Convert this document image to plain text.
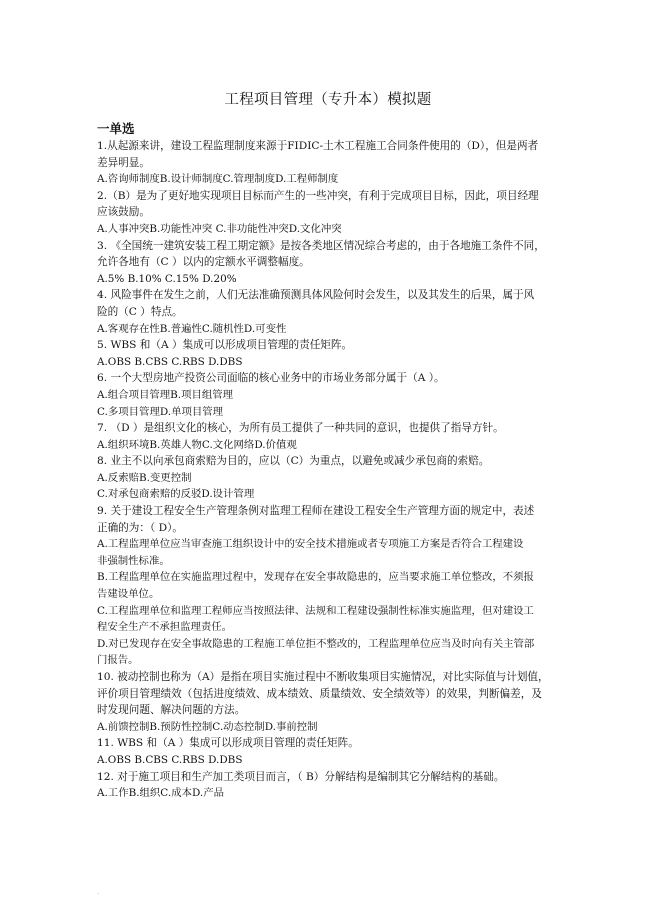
工程项目管理（专升本）模拟题
一单选
1.从起源来讲，建设工程监理制度来源于FIDIC-土木工程施工合同条件使用的（D），但是两者
差异明显。
A.咨询师制度B.设计师制度C.管理制度D.工程师制度
2.（B）是为了更好地实现项目目标而产生的一些冲突，有利于完成项目目标，因此，项目经理
应该鼓励。
A.人事冲突B.功能性冲突 C.非功能性冲突D.文化冲突
3. 《全国统一建筑安装工程工期定额》是按各类地区情况综合考虑的，由于各地施工条件不同，
允许各地有（C ）以内的定额水平调整幅度。
A.5% B.10% C.15% D.20%
4. 风险事件在发生之前，人们无法准确预测具体风险何时会发生，以及其发生的后果，属于风
险的（C ）特点。
A.客观存在性B.普遍性C.随机性D.可变性
5. WBS 和（A ）集成可以形成项目管理的责任矩阵。
A.OBS B.CBS C.RBS D.DBS
6. 一个大型房地产投资公司面临的核心业务中的市场业务部分属于（A ）。
A.组合项目管理B.项目组管理
C.多项目管理D.单项目管理
7. （D ）是组织文化的核心，为所有员工提供了一种共同的意识，也提供了指导方针。
A.组织环境B.英雄人物C.文化网络D.价值观
8. 业主不以向承包商索赔为目的，应以（C）为重点，以避免或减少承包商的索赔。
A.反索赔B.变更控制
C.对承包商索赔的反驳D.设计管理
9. 关于建设工程安全生产管理条例对监理工程师在建设工程安全生产管理方面的规定中，表述
正确的为：（ D）。
A.工程监理单位应当审查施工组织设计中的安全技术措施或者专项施工方案是否符合工程建设
非强制性标准。
B.工程监理单位在实施监理过程中，发现存在安全事故隐患的，应当要求施工单位整改，不须报
告建设单位。
C.工程监理单位和监理工程师应当按照法律、法规和工程建设强制性标准实施监理，但对建设工
程安全生产不承担监理责任。
D.对已发现存在安全事故隐患的工程施工单位拒不整改的，工程监理单位应当及时向有关主管部
门报告。
10. 被动控制也称为（A）是指在项目实施过程中不断收集项目实施情况，对比实际值与计划值，
评价项目管理绩效（包括进度绩效、成本绩效、质量绩效、安全绩效等）的效果，判断偏差，及
时发现问题、解决问题的方法。
A.前馈控制B.预防性控制C.动态控制D.事前控制
11. WBS 和（A ）集成可以形成项目管理的责任矩阵。
A.OBS B.CBS C.RBS D.DBS
12. 对于施工项目和生产加工类项目而言，（ B）分解结构是编制其它分解结构的基础。
A.工作B.组织C.成本D.产品
.
